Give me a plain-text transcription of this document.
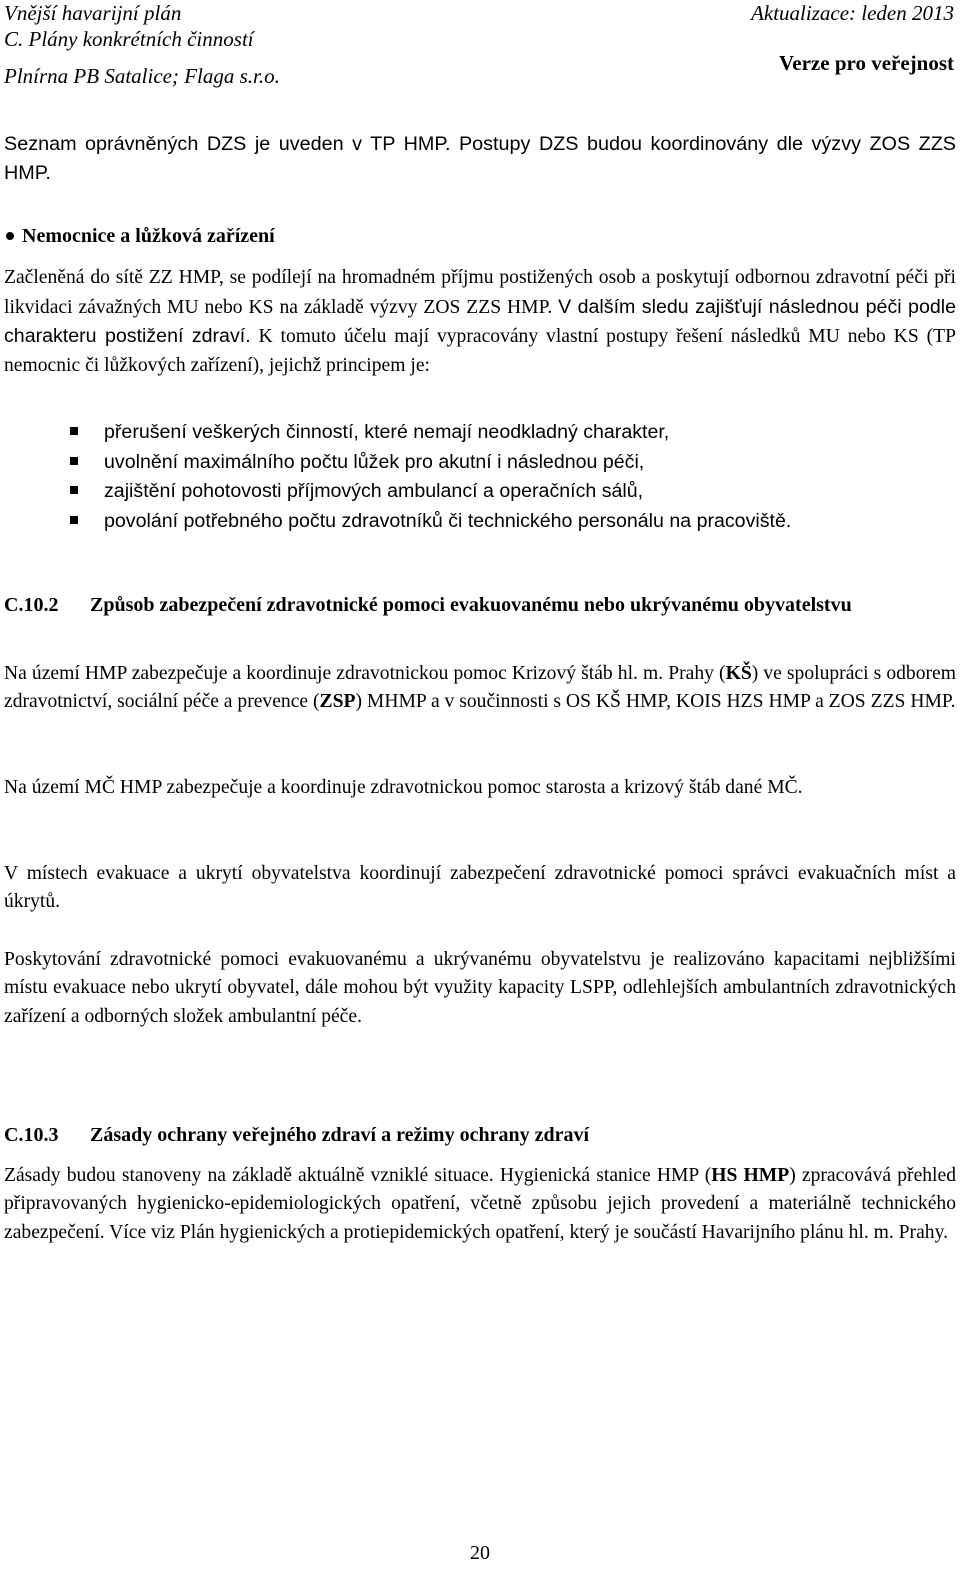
Vnější havarijní plán
C. Plány konkrétních činností
Plnírna PB Satalice; Flaga s.r.o.
Aktualizace: leden 2013
Verze pro veřejnost

Seznam oprávněných DZS je uveden v TP HMP. Postupy DZS budou koordinovány dle výzvy ZOS ZZS HMP.

Nemocnice a lůžková zařízení

Začleněná do sítě ZZ HMP, se podílejí na hromadném příjmu postižených osob a poskytují odbornou zdravotní péči při likvidaci závažných MU nebo KS na základě výzvy ZOS ZZS HMP. V dalším sledu zajišťují následnou péči podle charakteru postižení zdraví. K tomuto účelu mají vypracovány vlastní postupy řešení následků MU nebo KS (TP nemocnic či lůžkových zařízení), jejichž principem je:

přerušení veškerých činností, které nemají neodkladný charakter,
uvolnění maximálního počtu lůžek pro akutní i následnou péči,
zajištění pohotovosti příjmových ambulancí a operačních sálů,
povolání potřebného počtu zdravotníků či technického personálu na pracoviště.
C.10.2 Způsob zabezpečení zdravotnické pomoci evakuovanému nebo ukrývanému obyvatelstvu

Na území HMP zabezpečuje a koordinuje zdravotnickou pomoc Krizový štáb hl. m. Prahy (KŠ) ve spolupráci s odborem zdravotnictví, sociální péče a prevence (ZSP) MHMP a v součinnosti s OS KŠ HMP, KOIS HZS HMP a ZOS ZZS HMP.

Na území MČ HMP zabezpečuje a koordinuje zdravotnickou pomoc starosta a krizový štáb dané MČ.

V místech evakuace a ukrytí obyvatelstva koordinují zabezpečení zdravotnické pomoci správci evakuačních míst a úkrytů.

Poskytování zdravotnické pomoci evakuovanému a ukrývanému obyvatelstvu je realizováno kapacitami nejbližšími místu evakuace nebo ukrytí obyvatel, dále mohou být využity kapacity LSPP, odlehlejších ambulantních zdravotnických zařízení a odborných složek ambulantní péče.

C.10.3 Zásady ochrany veřejného zdraví a režimy ochrany zdraví

Zásady budou stanoveny na základě aktuálně vzniklé situace. Hygienická stanice HMP (HS HMP) zpracovává přehled připravovaných hygienicko-epidemiologických opatření, včetně způsobu jejich provedení a materiálně technického zabezpečení. Více viz Plán hygienických a protiepidemických opatření, který je součástí Havarijního plánu hl. m. Prahy.

20
